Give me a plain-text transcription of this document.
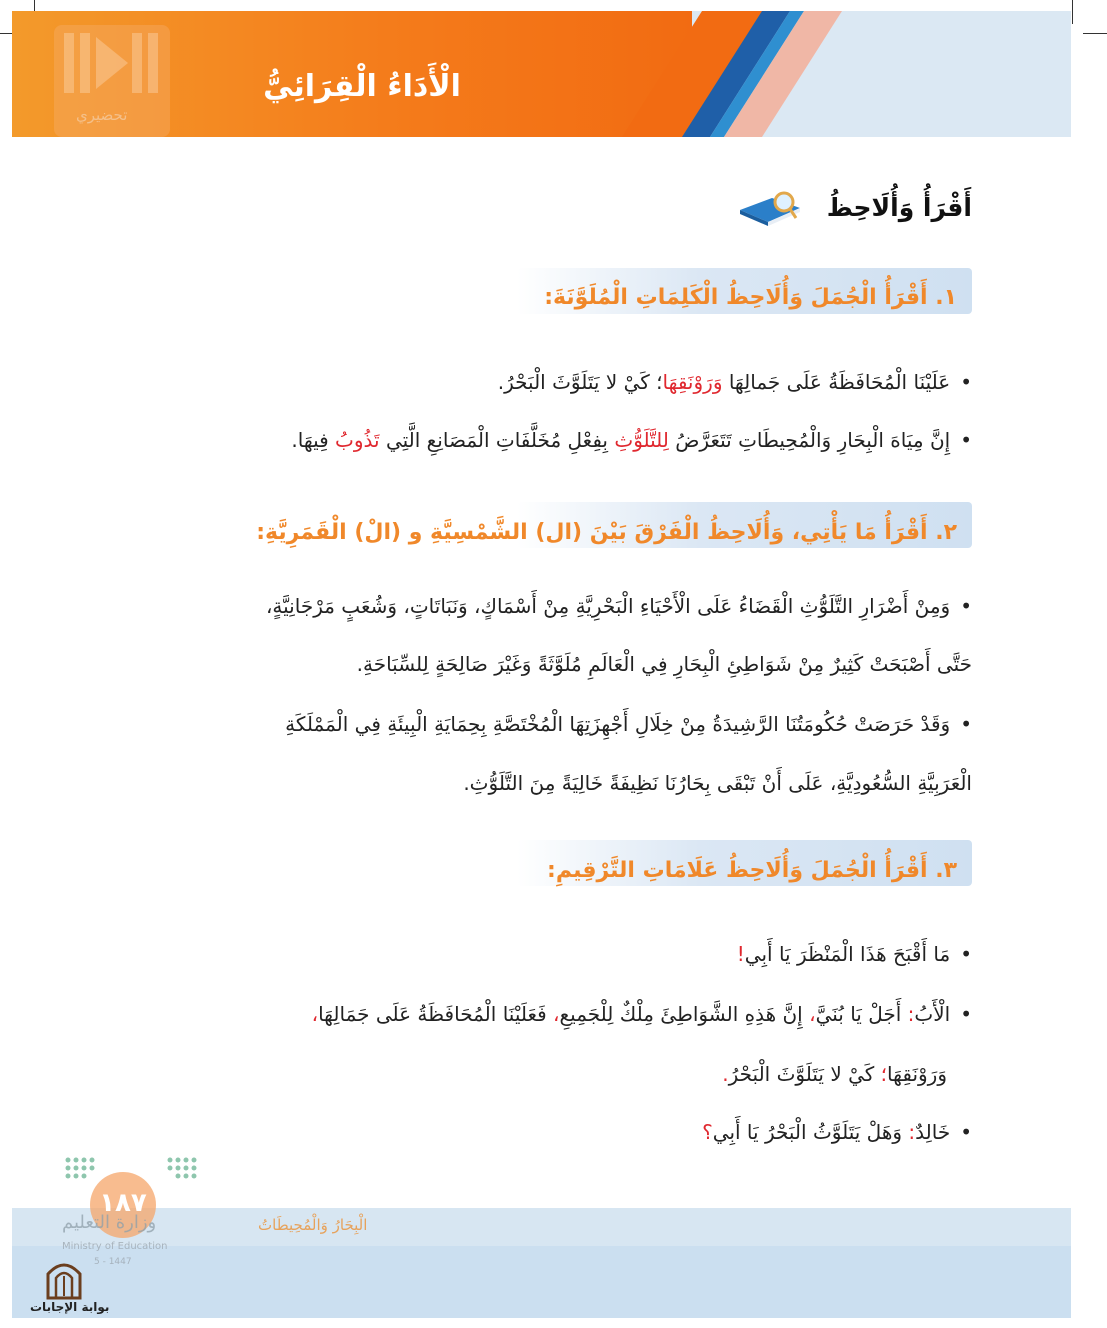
تحضيري
الْأَدَاءُ الْقِرَائِيُّ
أَقْرَأُ وَأُلَاحِظُ
١. أَقْرَأُ الْجُمَلَ وَأُلَاحِظُ الْكَلِمَاتِ الْمُلَوَّنَةَ:
•عَلَيْنَا الْمُحَافَظَةُ عَلَى جَمالِهَا وَرَوْنَقِهَا؛ كَيْ لا يَتَلَوَّثَ الْبَحْرُ.
•إِنَّ مِيَاهَ الْبِحَارِ وَالْمُحِيطَاتِ تَتَعَرَّضُ لِلتَّلَوُّثِ بِفِعْلِ مُخَلَّفَاتِ الْمَصَانِعِ الَّتِي تَذُوبُ فِيهَا.
٢. أَقْرَأُ مَا يَأْتِي، وَأُلَاحِظُ الْفَرْقَ بَيْنَ (ال) الشَّمْسِيَّةِ و (الْ) الْقَمَرِيَّةِ:
•وَمِنْ أَضْرَارِ التَّلَوُّثِ الْقَضَاءُ عَلَى الْأَحْيَاءِ الْبَحْرِيَّةِ مِنْ أَسْمَاكٍ، وَنَبَاتَاتٍ، وَشُعَبٍ مَرْجَانِيَّةٍ،
حَتَّى أَصْبَحَتْ كَثِيرٌ مِنْ شَوَاطِئِ الْبِحَارِ فِي الْعَالَمِ مُلَوَّثَةً وَغَيْرَ صَالِحَةٍ لِلسِّبَاحَةِ.
•وَقَدْ حَرَصَتْ حُكُومَتُنَا الرَّشِيدَةُ مِنْ خِلَالِ أَجْهِزَتِهَا الْمُخْتَصَّةِ بِحِمَايَةِ الْبِيئَةِ فِي الْمَمْلَكَةِ
الْعَرَبِيَّةِ السُّعُودِيَّةِ، عَلَى أَنْ تَبْقَى بِحَارُنَا نَظِيفَةً خَالِيَةً مِنَ التَّلَوُّثِ.
٣. أَقْرَأُ الْجُمَلَ وَأُلَاحِظُ عَلَامَاتِ التَّرْقِيمِ:
•مَا أَقْبَحَ هَذَا الْمَنْظَرَ يَا أَبِي!
•الْأَبُ: أَجَلْ يَا بُنَيَّ، إِنَّ هَذِهِ الشَّوَاطِئَ مِلْكٌ لِلْجَمِيعِ، فَعَلَيْنَا الْمُحَافَظَةُ عَلَى جَمَالِهَا،
وَرَوْنَقِهَا؛ كَيْ لا يَتَلَوَّثَ الْبَحْرُ.
•خَالِدٌ: وَهَلْ يَتَلَوَّثُ الْبَحْرُ يَا أَبِي؟
١٨٧
وزارة التعليم
Ministry of Education
5 - 1447
الْبِحَارُ وَالْمُحِيطَاتُ
بوابة الإجابات
